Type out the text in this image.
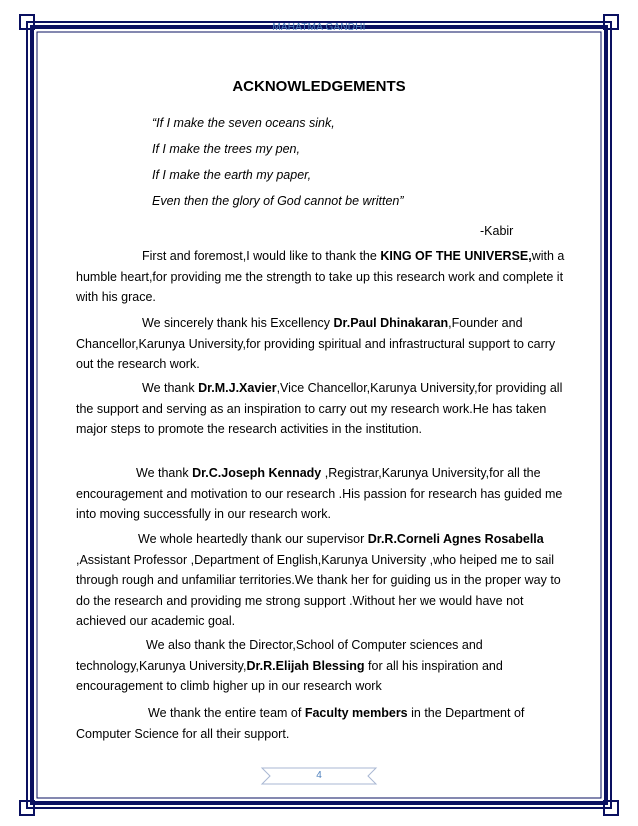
MAHATMA GANDHI
ACKNOWLEDGEMENTS
“If I make the seven oceans sink,
If I make the trees my pen,
If I make the earth my paper,
Even then the glory of God cannot be written”
-Kabir
First and foremost,I would like to thank the KING OF THE UNIVERSE,with a humble heart,for providing me the strength to take up this research work and complete it with his grace.
We sincerely thank his Excellency Dr.Paul Dhinakaran,Founder and Chancellor,Karunya University,for providing spiritual and infrastructural support to carry out the research work.
We thank Dr.M.J.Xavier,Vice Chancellor,Karunya University,for providing all the support and serving as an inspiration to carry out my research work.He has taken major steps to promote the research activities in the institution.
We thank Dr.C.Joseph Kennady ,Registrar,Karunya University,for all the encouragement and motivation to our research .His passion for research has guided me into moving successfully in our research work.
We whole heartedly thank our supervisor Dr.R.Corneli Agnes Rosabella ,Assistant Professor ,Department of English,Karunya University ,who heiped me to sail through rough and unfamiliar territories.We thank her for guiding us in the proper way to do the research and providing me strong support .Without her we would have not achieved our academic goal.
We also thank the Director,School of Computer sciences and technology,Karunya University,Dr.R.Elijah Blessing for all his inspiration and encouragement to climb higher up in our research work
We thank the entire team of Faculty members in the Department of Computer Science for all their support.
4
